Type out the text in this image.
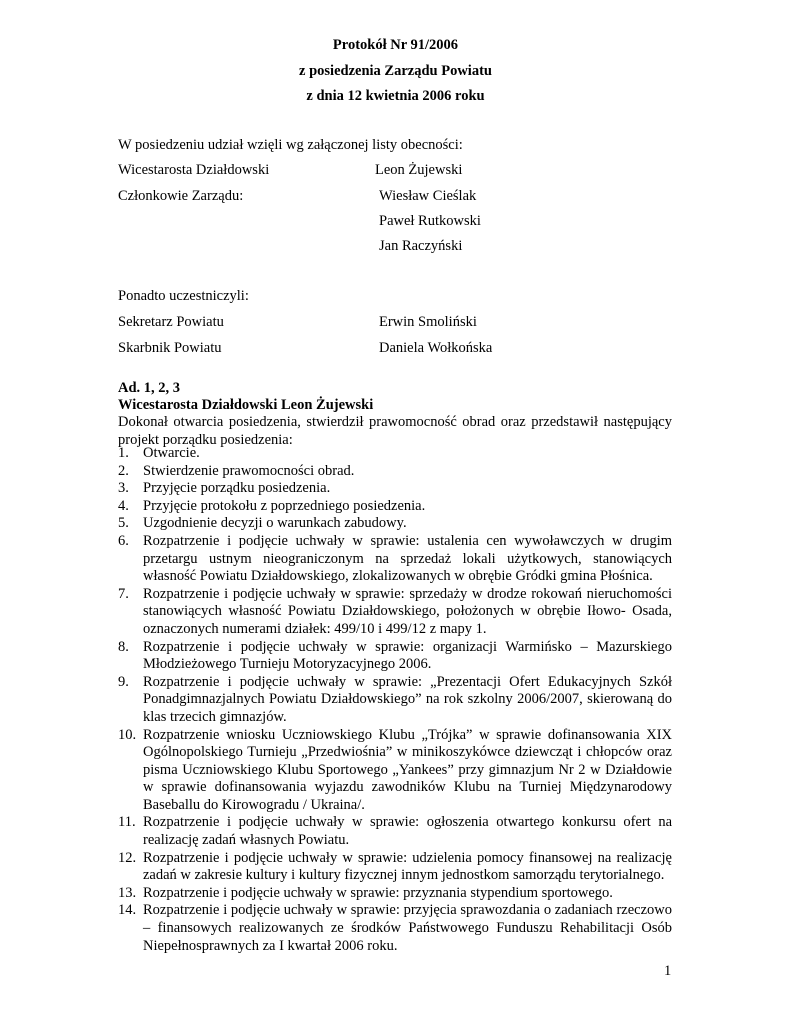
Protokół Nr 91/2006
z posiedzenia Zarządu Powiatu
z dnia 12 kwietnia 2006 roku
W posiedzeniu udział wzięli wg załączonej listy obecności:
Wicestarosta Działdowski	Leon Żujewski
Członkowie Zarządu:	Wiesław Cieślak
Paweł Rutkowski
Jan Raczyński
Ponadto uczestniczyli:
Sekretarz Powiatu	Erwin Smoliński
Skarbnik Powiatu	Daniela Wołkońska
Ad. 1, 2, 3
Wicestarosta Działdowski Leon Żujewski
Dokonał otwarcia posiedzenia, stwierdził prawomocność obrad oraz przedstawił następujący projekt porządku posiedzenia:
1. Otwarcie.
2. Stwierdzenie prawomocności obrad.
3. Przyjęcie porządku posiedzenia.
4. Przyjęcie protokołu z poprzedniego posiedzenia.
5. Uzgodnienie decyzji o warunkach zabudowy.
6. Rozpatrzenie i podjęcie uchwały w sprawie: ustalenia cen wywoławczych w drugim przetargu ustnym nieograniczonym na sprzedaż lokali użytkowych, stanowiących własność Powiatu Działdowskiego, zlokalizowanych w obrębie Gródki gmina Płośnica.
7. Rozpatrzenie i podjęcie uchwały w sprawie: sprzedaży w drodze rokowań nieruchomości stanowiących własność Powiatu Działdowskiego, położonych w obrębie Iłowo- Osada, oznaczonych numerami działek: 499/10 i 499/12 z mapy 1.
8. Rozpatrzenie i podjęcie uchwały w sprawie: organizacji Warmińsko – Mazurskiego Młodzieżowego Turnieju Motoryzacyjnego 2006.
9. Rozpatrzenie i podjęcie uchwały w sprawie: „Prezentacji Ofert Edukacyjnych Szkół Ponadgimnazjalnych Powiatu Działdowskiego” na rok szkolny 2006/2007, skierowaną do klas trzecich gimnazjów.
10. Rozpatrzenie wniosku Uczniowskiego Klubu „Trójka” w sprawie dofinansowania XIX Ogólnopolskiego Turnieju „Przedwiośnia” w minikoszykówce dziewcząt i chłopców oraz pisma Uczniowskiego Klubu Sportowego „Yankees” przy gimnazjum Nr 2 w Działdowie w sprawie dofinansowania wyjazdu zawodników Klubu na Turniej Międzynarodowy Baseballu do Kirowogradu / Ukraina/.
11. Rozpatrzenie i podjęcie uchwały w sprawie: ogłoszenia otwartego konkursu ofert na realizację zadań własnych Powiatu.
12. Rozpatrzenie i podjęcie uchwały w sprawie: udzielenia pomocy finansowej na realizację zadań w zakresie kultury i kultury fizycznej innym jednostkom samorządu terytorialnego.
13. Rozpatrzenie i podjęcie uchwały w sprawie: przyznania stypendium sportowego.
14. Rozpatrzenie i podjęcie uchwały w sprawie: przyjęcia sprawozdania o zadaniach rzeczowo – finansowych realizowanych ze środków Państwowego Funduszu Rehabilitacji Osób Niepełnosprawnych za I kwartał 2006 roku.
1
